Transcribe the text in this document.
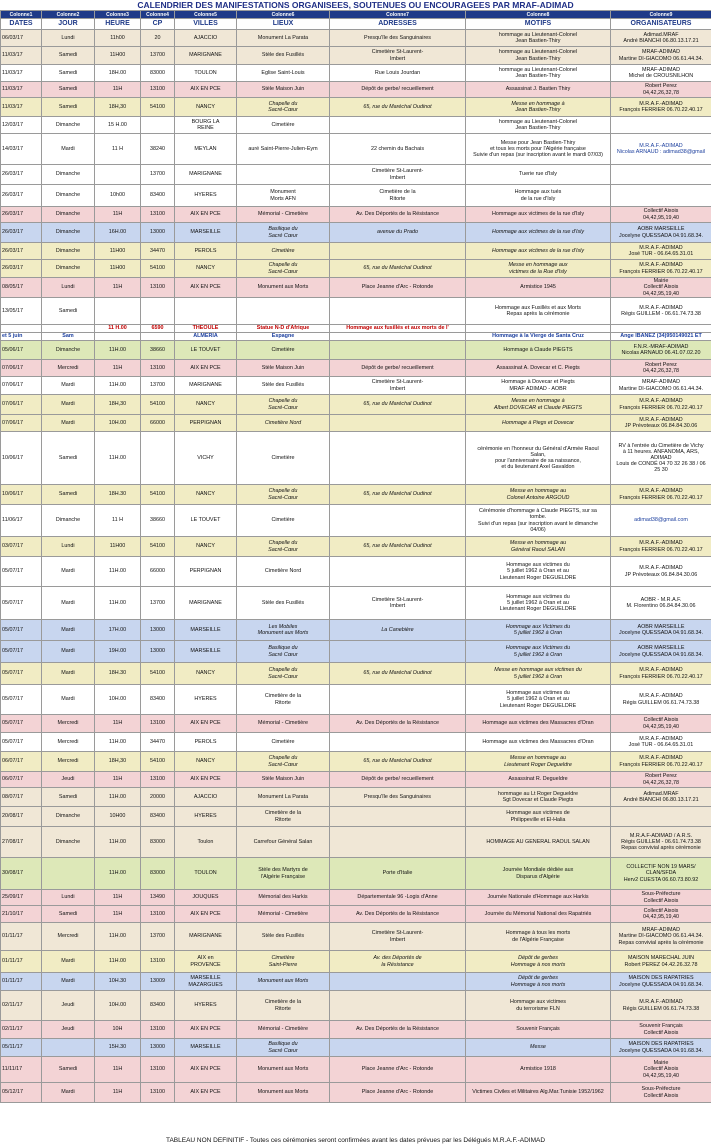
CALENDRIER DES MANIFESTATIONS ORGANISEES, SOUTENUES OU ENCOURAGEES PAR MRAF-ADIMAD
Colonne1	Colonne2	Colonne3	Colonne4	Colonne5	Colonne6	Colonne7	Colonne8	Colonne9
DATES	JOUR	HEURE	CP	VILLES	LIEUX	ADRESSES	MOTIFS	ORGANISATEURS
06/03/17	Lundi	11h00	20	AJACCIO	Monument La Parata	Presqu'île des Sanguinaires	hommage au Lieutenant-Colonel
Jean Bastien-Thiry	Adimad.MRAF
André BIANCHI 06.80.13.17.21
11/03/17	Samedi	11H00	13700	MARIGNANE	Stèle des Fusillés	Cimetière St-Laurent-
Imbert	hommage au Lieutenant-Colonel
Jean Bastien-Thiry	MRAF-ADIMAD
Martine DI-GIACOMO 06.61.44.34.
11/03/17	Samedi	18H.00	83000	TOULON	Eglise Saint-Louis	Rue Louis Jourdan	hommage au Lieutenant-Colonel
Jean Bastien-Thiry	MRAF-ADIMAD
Michel de CROUSNILHON
11/03/17	Samedi	11H	13100	AIX EN PCE	Stèle Maison Juin	Dépôt de gerbe/ recueillement	Assassinat J. Bastien Thiry	Robert Perez
04,42,26,32,78
11/03/17	Samedi	18H,30	54100	NANCY	Chapelle du
Sacré-Cœur	65, rue du Maréchal Oudinot	Messe en hommage à
Jean Bastien-Thiry	M.R.A.F.-ADIMAD
François FERRIER 06.70.22.40.17
12/03/17	Dimanche	15 H.00		BOURG LA
REINE	Cimetière		hommage au Lieutenant-Colonel
Jean Bastien-Thiry	
14/03/17	Mardi	11 H	38240	MEYLAN	auré Saint-Pierre-Julien-Eym	22 chemin du Bachais	Messe pour Jean Bastien-Thiry
et tous les morts pour l'Algérie française
Suivie d'un repas (sur inscription avant le mardi 07/03)	M.R.A.F.-ADIMAD
Nicolas ARNAUD : adimad38@gmail
26/03/17	Dimanche		13700	MARIGNANE		Cimetière St-Laurent-
Imbert	Tuerie rue d'Isly	
26/03/17	Dimanche	10h00	83400	HYERES	Monument
Morts AFN	Cimetière de la
Ritorte	Hommage aux tués
de la rue d'Isly	
26/03/17	Dimanche	11H	13100	AIX EN PCE	Mémorial - Cimetière	Av. Des Déportés de la Résistance	Hommage aux victimes de la rue d'Isly	Collectif Aixois
04,42,95,19,40
26/03/17	Dimanche	16H.00	13000	MARSEILLE	Basilique du
Sacré Cœur	avenue du Prado	Hommage aux victimes de la rue d'Isly	AOBR MARSEILLE
Jocelyne QUESSADA 04.91.68.34.
26/03/17	Dimanche	11H00	34470	PEROLS	Cimetière		Hommage aux victimes de la rue d'Isly	M.R.A.F.-ADIMAD
José TUR - 06.64.65.31.01
26/03/17	Dimanche	11H00	54100	NANCY	Chapelle du
Sacré-Cœur	65, rue du Maréchal Oudinot	Messe en hommage aux
victimes de la Rue d'Isly	M.R.A.F.-ADIMAD
François FERRIER 06.70.22.40.17
08/05/17	Lundi	11H	13100	AIX EN PCE	Monument aux Morts	Place Jeanne d'Arc - Rotonde	Armistice 1945	Mairie
Collectif Aixois
04,42,95,19,40
13/05/17	Samedi						Hommage aux Fusillés et aux Morts
Repas après la cérémonie	M.R.A.F.-ADIMAD
Régis GUILLEM - 06.61.74.73.38
		11 H.00	6590	THEOULE	Statue N-D d'Afrique	Hommage aux fusillés et aux morts de l'		
et 5 juin	Sam			ALMERIA	Espagne		Hommage à la Vierge de Santa Cruz	Ange IBANEZ (34)950149021 ET
05/06/17	Dimanche	11H.00	38660	LE TOUVET	Cimetière		Hommage à Claude PIEGTS	F.N.R.-MRAF-ADIMAD
Nicolas ARNAUD 06.41.07.02.20
07/06/17	Mercredi	11H	13100	AIX EN PCE	Stèle Maison Juin	Dépôt de gerbe/ recueillement	Assassinat A. Dovecar et C. Piegts	Robert Perez
04,42,26,32,78
07/06/17	Mardi	11H.00	13700	MARIGNANE	Stèle des Fusillés	Cimetière St-Laurent-
Imbert	Hommage à Dovecar et Piegts
MRAF ADIMAD - AOBR	MRAF-ADIMAD
Martine DI-GIACOMO 06.61.44.34.
07/06/17	Mardi	18H,30	54100	NANCY	Chapelle du
Sacré-Cœur	65, rue du Maréchal Oudinot	Messe en hommage à
Albert DOVECAR et Claude PIEGTS	M.R.A.F.-ADIMAD
François FERRIER 06.70.22.40.17
07/06/17	Mardi	10H.00	66000	PERPIGNAN	Cimetière Nord		Hommage à Piegs et Dovecar	M.R.A.F.-ADIMAD
JP Prévoteaux 06.84.84.30.06
10/06/17	Samedi	11H.00		VICHY	Cimetière		cérémonie en l'honneur du Général d'Armée Raoul
Salan,
pour l'anniversaire de sa naissance,
et du lieutenant Axel Gavaldon	RV à l'entrée du Cimetière de Vichy
à 11 heures. ANFANOMA, ARS, ADIMAD
Louis de CONDÉ 04 70 32 26 38 / 06
25 30
10/06/17	Samedi	18H.30	54100	NANCY	Chapelle du
Sacré-Cœur	65, rue du Maréchal Oudinot	Messe en hommage au
Colonel Antoine ARGOUD	M.R.A.F.-ADIMAD
François FERRIER 06.70.22.40.17
11/06/17	Dimanche	11 H	38660	LE TOUVET	Cimetière		Cérémonie d'hommage à Claude PIEGTS, sur sa
tombe.
Suivi d'un repas (sur inscription avant le dimanche
04/06)	adimad38@gmail.com
03/07/17	Lundi	11H00	54100	NANCY	Chapelle du
Sacré-Cœur	65, rue du Maréchal Oudinot	Messe en hommage au
Général Raoul SALAN	M.R.A.F.-ADIMAD
François FERRIER 06.70.22.40.17
05/07/17	Mardi	11H.00	66000	PERPIGNAN	Cimetière Nord		Hommage aux victimes du
5 juillet 1962 à Oran et au
Lieutenant Roger DEGUELDRE	M.R.A.F.-ADIMAD
JP Prévoteaux 06.84.84.30.06
05/07/17	Mardi	11H.00	13700	MARIGNANE	Stèle des Fusillés	Cimetière St-Laurent-
Imbert	Hommage aux victimes du
5 juillet 1962 à Oran et au
Lieutenant Roger DEGUELDRE	AOBR - M.R.A.F.
M. Florentino 06.84.84.30.06
05/07/17	Mardi	17H.00	13000	MARSEILLE	Les Mobiles
Monument aux Morts	La Canebière	Hommage aux Victimes du
5 juillet 1962 à Oran	AOBR MARSEILLE
Jocelyne QUESSADA 04.91.68.34.
05/07/17	Mardi	19H.00	13000	MARSEILLE	Basilique du
Sacré Cœur		Hommage aux Victimes du
5 juillet 1962 à Oran	AOBR MARSEILLE
Jocelyne QUESSADA 04.91.68.34.
05/07/17	Mardi	18H.30	54100	NANCY	Chapelle du
Sacré-Cœur	65, rue du Maréchal Oudinot	Messe en hommage aux victimes du
5 juillet 1962 à Oran	M.R.A.F.-ADIMAD
François FERRIER 06.70.22.40.17
05/07/17	Mardi	10H.00	83400	HYERES	Cimetière de la
Ritorte		Hommage aux victimes du
5 juillet 1962 à Oran et au
Lieutenant Roger DEGUELDRE	M.R.A.F.-ADIMAD
Régis GUILLEM 06.61.74.73.38
05/07/17	Mercredi	11H	13100	AIX EN PCE	Mémorial - Cimetière	Av. Des Déportés de la Résistance	Hommage aux victimes des Massacres d'Oran	Collectif Aixois
04,42,95,19,40
05/07/17	Mercredi	11H.00	34470	PEROLS	Cimetière		Hommage aux victimes des Massacres d'Oran	M.R.A.F.-ADIMAD
José TUR - 06.64.65.31.01
06/07/17	Mercredi	18H,30	54100	NANCY	Chapelle du
Sacré-Cœur	65, rue du Maréchal Oudinot	Messe en hommage au
Lieutenant Roger Degueldre	M.R.A.F.-ADIMAD
François FERRIER 06.70.22.40.17
06/07/17	Jeudi	11H	13100	AIX EN PCE	Stèle Maison Juin	Dépôt de gerbe/ recueillement	Assassinat R. Degueldre	Robert Perez
04,42,26,32,78
08/07/17	Samedi	11H.00	20000	AJACCIO	Monument La Parata	Presqu'île des Sanguinaires	hommage au Lt Roger Degueldre
Sgt Dovecar et Claude Piegts	Adimad.MRAF
André BIANCHI 06.80.13.17.21
20/08/17	Dimanche	10H00	83400	HYERES	Cimetière de la
Ritorte		Hommage aux victimes de
Philippeville et El-Halia	
27/08/17	Dimanche	11H.00	83000	Toulon	Carrefour Général Salan		HOMMAGE AU GENERAL RAOUL SALAN	M.R.A.F-ADIMAD / A.R.S.
Régis GUILLEM - 06.61.74.73.38
Repas convivial après cérémonie
30/08/17		11H.00	83000	TOULON	Stèle des Martyrs de
l'Algérie Française	Porte d'Italie	Journée Mondiale dédiée aux
Disparus d'Algérie	COLLECTIF NON 19 MARS/
CLAN/SFDA
Herv2 CUESTA 06.60.73.80.92
25/09/17	Lundi	11H	13490	JOUQUES	Mémorial des Harkis	Départementale 96 -Logis d'Anne	Journée Nationale d'Hommage aux Harkis	Sous-Préfecture
Collectif Aixois
21/10/17	Samedi	11H	13100	AIX EN PCE	Mémorial - Cimetière	Av. Des Déportés de la Résistance	Journée du Mémorial National des Rapatriés	Collectif Aixois
04,42,95,19,40
01/11/17	Mercredi	11H.00	13700	MARIGNANE	Stèle des Fusillés	Cimetière St-Laurent-
Imbert	Hommage à tous les morts
de l'Algérie Française	MRAF-ADIMAD
Martine DI-GIACOMO 06.61.44.34.
Repas convivial après la cérémonie
01/11/17	Mardi	11H.00	13100	AIX en
PROVENCE	Cimetière
Saint-Pierre	Av. des Déportés de
la Résistance	Dépôt de gerbes
Hommage à nos morts	MAISON MARECHAL JUIN
Robert PEREZ 04.42.26.32.78
01/11/17	Mardi	10H.30	13009	MARSEILLE
MAZARGUES	Monument aux Morts		Dépôt de gerbes
Hommage à nos morts	MAISON DES RAPATRIES
Jocelyne QUESSADA 04.91.68.34.
02/11/17	Jeudi	10H.00	83400	HYERES	Cimetière de la
Ritorte		Hommage aux victimes
du terrorisme FLN	M.R.A.F.-ADIMAD
Régis GUILLEM 06.61.74.73.38
02/11/17	Jeudi	10H	13100	AIX EN PCE	Mémorial - Cimetière	Av. Des Déportés de la Résistance	Souvenir Français	Souvenir Français
Collectif Aixois
05/11/17		15H.30	13000	MARSEILLE	Basilique du
Sacré Cœur		Messe	MAISON DES RAPATRIES
Jocelyne QUESSADA 04.91.68.34.
11/11/17	Samedi	11H	13100	AIX EN PCE	Monument aux Morts	Place Jeanne d'Arc - Rotonde	Armistice 1918	Mairie
Collectif Aixois
04,42,95,19,40
05/12/17	Mardi	11H	13100	AIX EN PCE	Monument aux Morts	Place Jeanne d'Arc - Rotonde	Victimes Civiles et Militaires Alg.Mar.Tunisie 1952/1962	Sous-Préfecture
Collectif Aixois
TABLEAU NON DEFINITIF - Toutes ces cérémonies seront confirmées avant les dates prévues par les Délégués M.R.A.F.-ADIMAD
